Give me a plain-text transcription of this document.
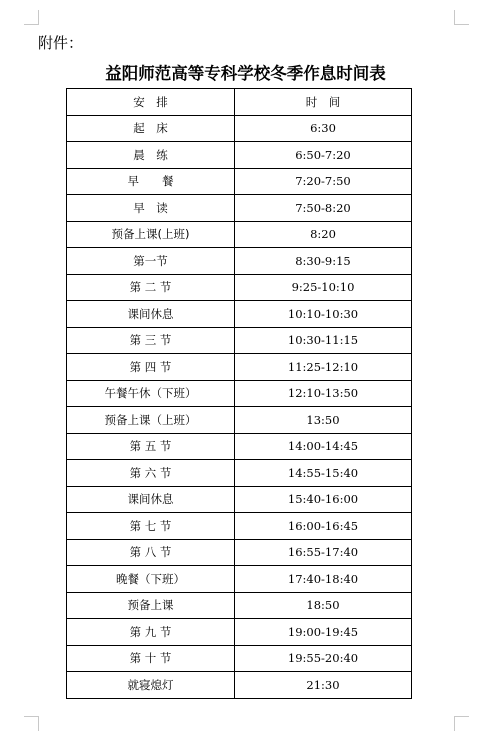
附件：
益阳师范高等专科学校冬季作息时间表
安　排	时　间
起　床	6:30
晨　练	6:50-7:20
早　　餐	7:20-7:50
早　读	7:50-8:20
预备上课(上班)	8:20
第一节	8:30-9:15
第 二 节	9:25-10:10
课间休息	10:10-10:30
第 三 节	10:30-11:15
第 四 节	11:25-12:10
午餐午休（下班）	12:10-13:50
预备上课（上班）	13:50
第 五 节	14:00-14:45
第 六 节	14:55-15:40
课间休息	15:40-16:00
第 七 节	16:00-16:45
第 八 节	16:55-17:40
晚餐（下班）	17:40-18:40
预备上课	18:50
第 九 节	19:00-19:45
第 十 节	19:55-20:40
就寝熄灯	21:30
